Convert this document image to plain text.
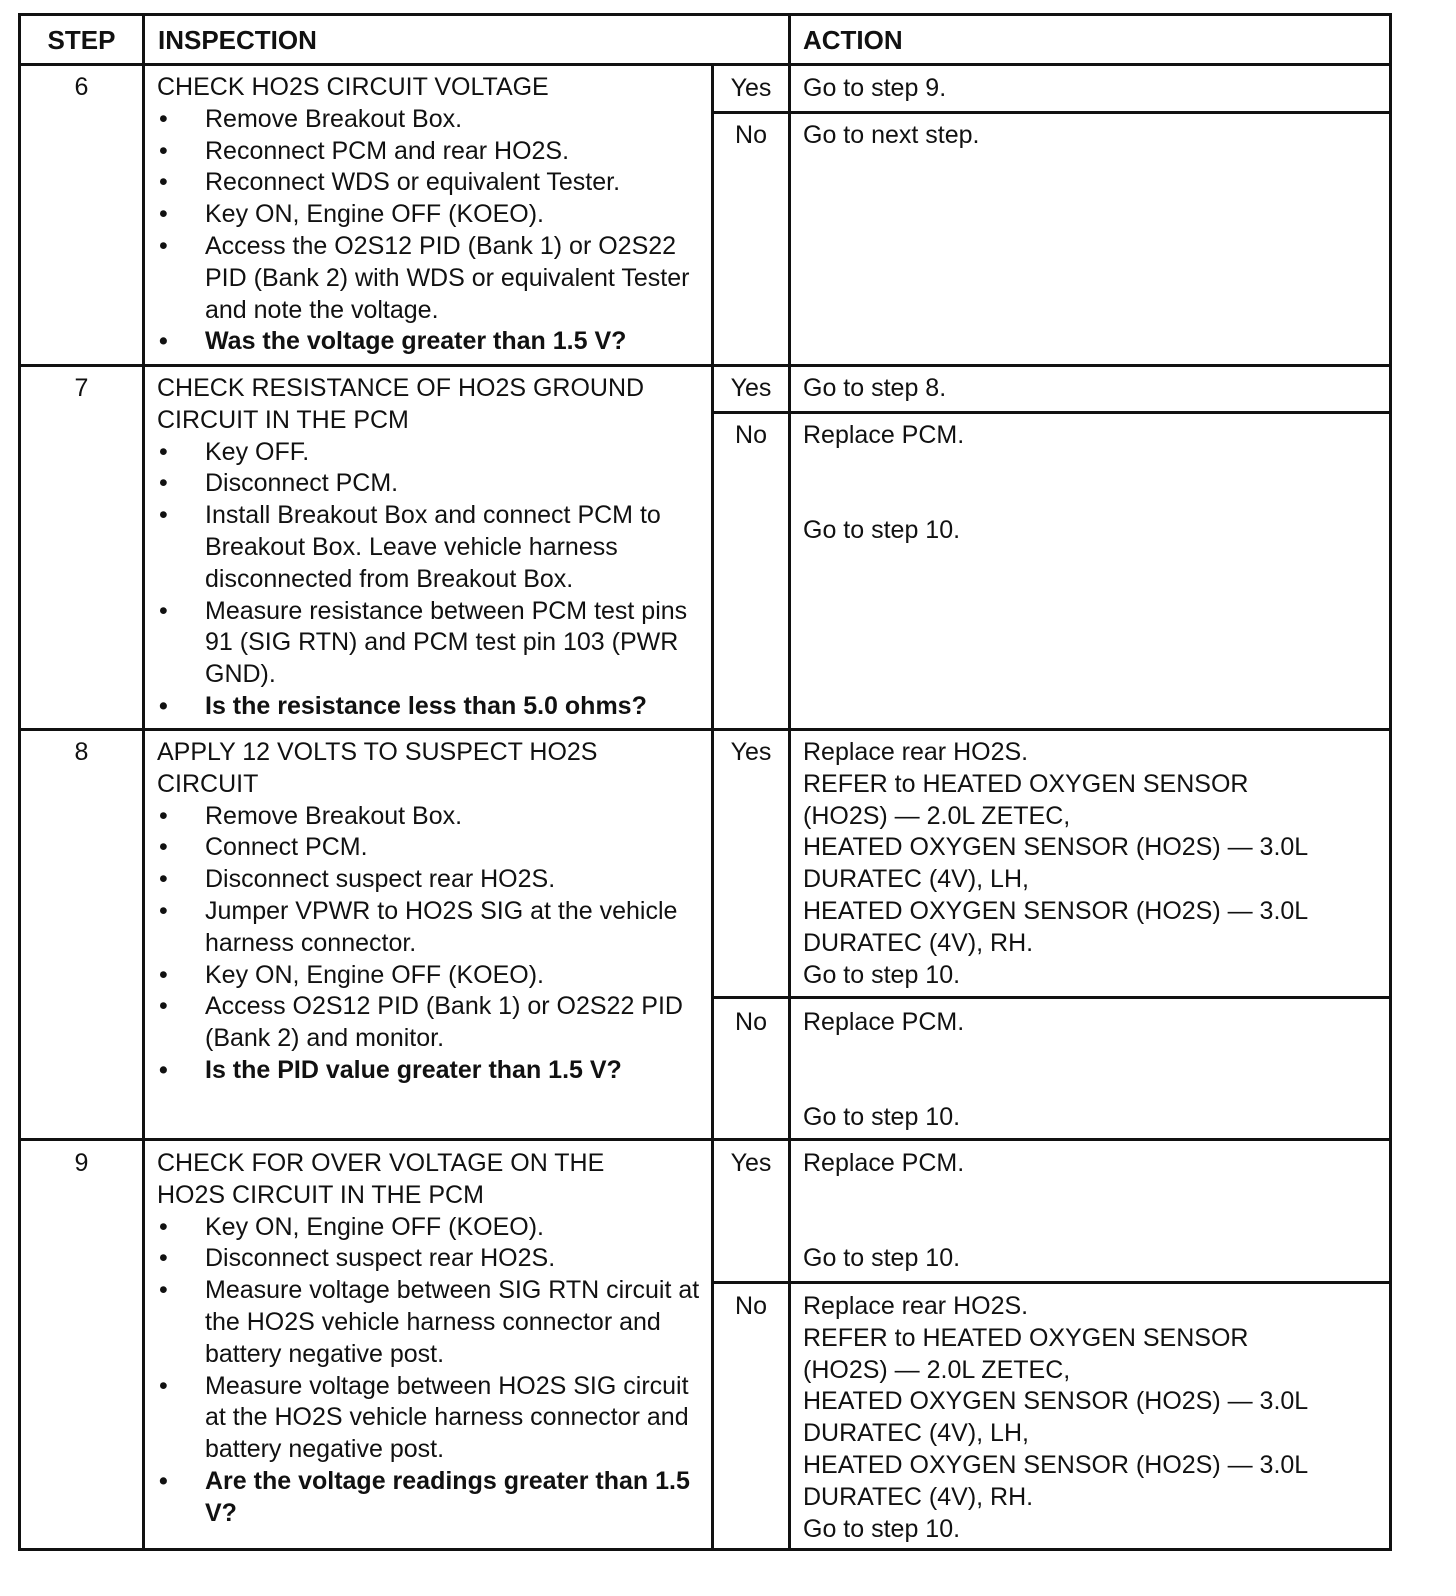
STEP	INSPECTION	ACTION
6	CHECK HO2S CIRCUIT VOLTAGE
• Remove Breakout Box.
• Reconnect PCM and rear HO2S.
• Reconnect WDS or equivalent Tester.
• Key ON, Engine OFF (KOEO).
• Access the O2S12 PID (Bank 1) or O2S22 PID (Bank 2) with WDS or equivalent Tester and note the voltage.
• Was the voltage greater than 1.5 V?
Yes	Go to step 9.
No	Go to next step.
7	CHECK RESISTANCE OF HO2S GROUND
CIRCUIT IN THE PCM
• Key OFF.
• Disconnect PCM.
• Install Breakout Box and connect PCM to Breakout Box. Leave vehicle harness disconnected from Breakout Box.
• Measure resistance between PCM test pins 91 (SIG RTN) and PCM test pin 103 (PWR GND).
• Is the resistance less than 5.0 ohms?
Yes	Go to step 8.
No	Replace PCM.
Go to step 10.
8	APPLY 12 VOLTS TO SUSPECT HO2S
CIRCUIT
• Remove Breakout Box.
• Connect PCM.
• Disconnect suspect rear HO2S.
• Jumper VPWR to HO2S SIG at the vehicle harness connector.
• Key ON, Engine OFF (KOEO).
• Access O2S12 PID (Bank 1) or O2S22 PID (Bank 2) and monitor.
• Is the PID value greater than 1.5 V?
Yes	Replace rear HO2S.
REFER to HEATED OXYGEN SENSOR
(HO2S) — 2.0L ZETEC,
HEATED OXYGEN SENSOR (HO2S) — 3.0L
DURATEC (4V), LH,
HEATED OXYGEN SENSOR (HO2S) — 3.0L
DURATEC (4V), RH.
Go to step 10.
No	Replace PCM.
Go to step 10.
9	CHECK FOR OVER VOLTAGE ON THE
HO2S CIRCUIT IN THE PCM
• Key ON, Engine OFF (KOEO).
• Disconnect suspect rear HO2S.
• Measure voltage between SIG RTN circuit at the HO2S vehicle harness connector and battery negative post.
• Measure voltage between HO2S SIG circuit at the HO2S vehicle harness connector and battery negative post.
• Are the voltage readings greater than 1.5 V?
Yes	Replace PCM.
Go to step 10.
No	Replace rear HO2S.
REFER to HEATED OXYGEN SENSOR
(HO2S) — 2.0L ZETEC,
HEATED OXYGEN SENSOR (HO2S) — 3.0L
DURATEC (4V), LH,
HEATED OXYGEN SENSOR (HO2S) — 3.0L
DURATEC (4V), RH.
Go to step 10.
